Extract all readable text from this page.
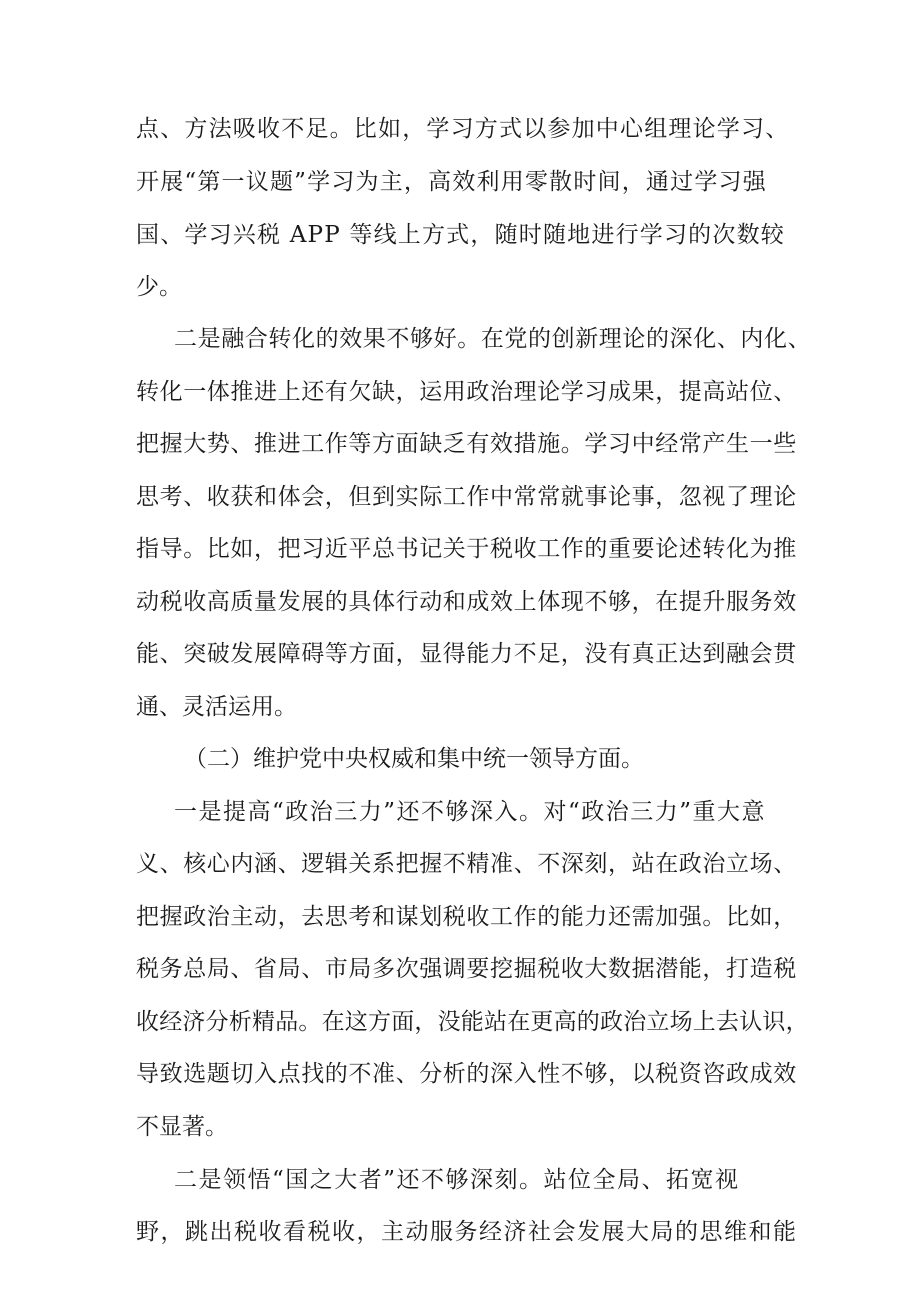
点、方法吸收不足。比如，学习方式以参加中心组理论学习、

开展“第一议题”学习为主，高效利用零散时间，通过学习强

国、学习兴税 APP 等线上方式，随时随地进行学习的次数较

少。

二是融合转化的效果不够好。在党的创新理论的深化、内化、

转化一体推进上还有欠缺，运用政治理论学习成果，提高站位、

把握大势、推进工作等方面缺乏有效措施。学习中经常产生一些

思考、收获和体会，但到实际工作中常常就事论事，忽视了理论

指导。比如，把习近平总书记关于税收工作的重要论述转化为推

动税收高质量发展的具体行动和成效上体现不够，在提升服务效

能、突破发展障碍等方面，显得能力不足，没有真正达到融会贯

通、灵活运用。

（二）维护党中央权威和集中统一领导方面。

一是提高“政治三力”还不够深入。对“政治三力”重大意

义、核心内涵、逻辑关系把握不精准、不深刻，站在政治立场、

把握政治主动，去思考和谋划税收工作的能力还需加强。比如，

税务总局、省局、市局多次强调要挖掘税收大数据潜能，打造税

收经济分析精品。在这方面，没能站在更高的政治立场上去认识，

导致选题切入点找的不准、分析的深入性不够，以税资咨政成效

不显著。

二是领悟“国之大者”还不够深刻。站位全局、拓宽视

野，跳出税收看税收，主动服务经济社会发展大局的思维和能
